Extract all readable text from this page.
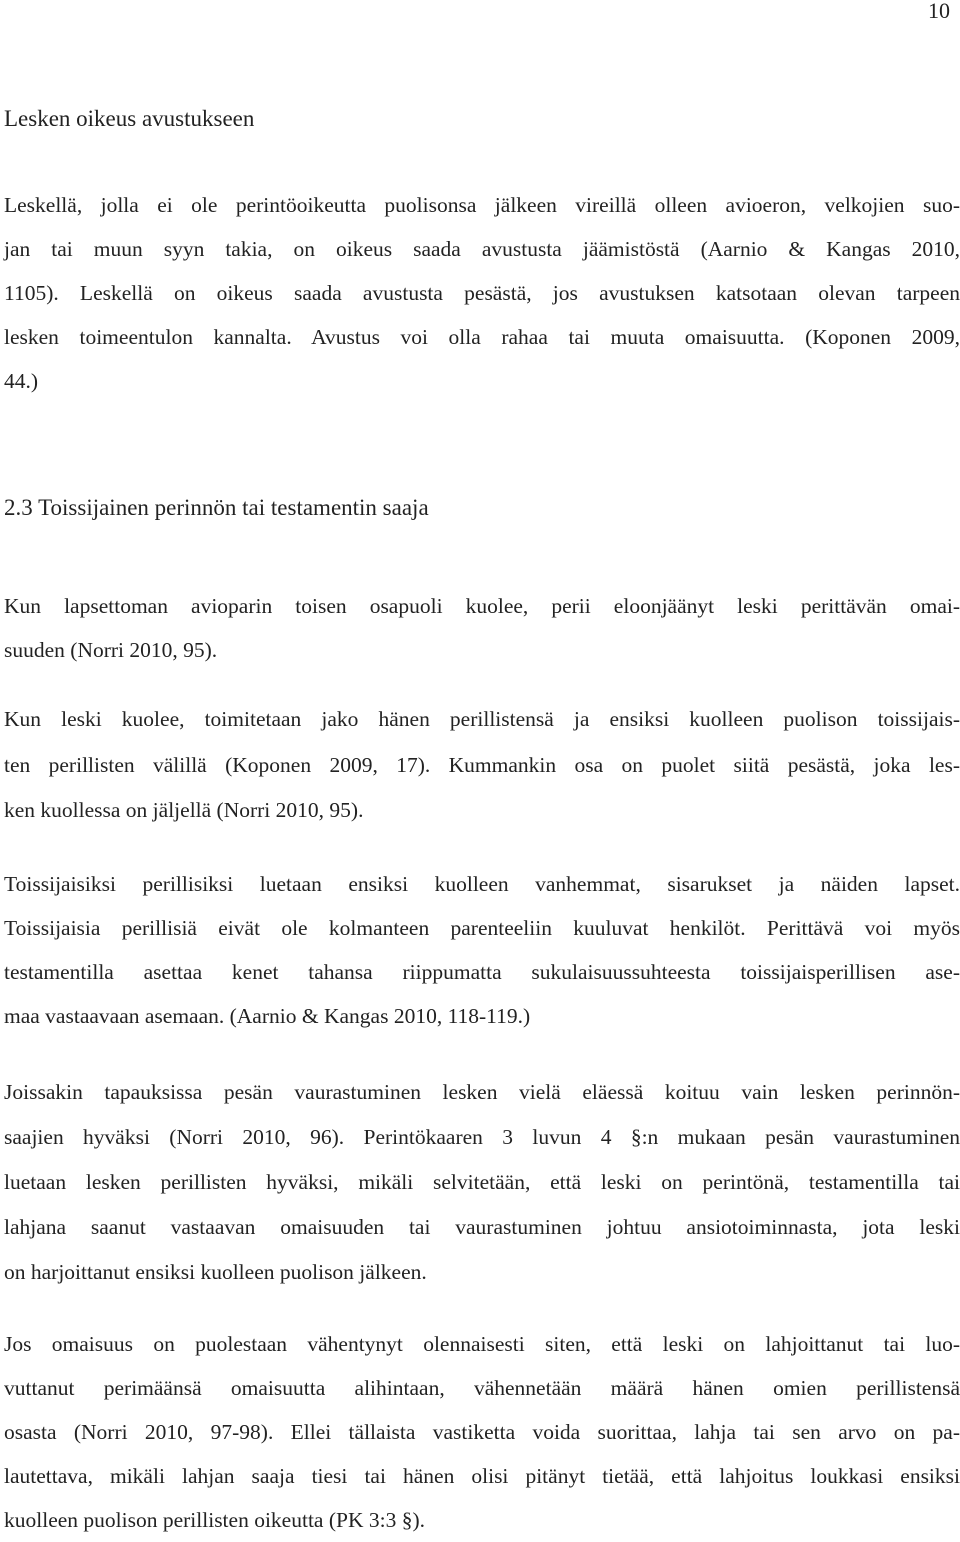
10
Lesken oikeus avustukseen
Leskellä, jolla ei ole perintöoikeutta puolisonsa jälkeen vireillä olleen avioeron, velkojien suo-
jan tai muun syyn takia, on oikeus saada avustusta jäämistöstä (Aarnio & Kangas 2010,
1105). Leskellä on oikeus saada avustusta pesästä, jos avustuksen katsotaan olevan tarpeen
lesken toimeentulon kannalta. Avustus voi olla rahaa tai muuta omaisuutta. (Koponen 2009,
44.)
2.3 Toissijainen perinnön tai testamentin saaja
Kun lapsettoman avioparin toisen osapuoli kuolee, perii eloonjäänyt leski perittävän omai-
suuden (Norri 2010, 95).
Kun leski kuolee, toimitetaan jako hänen perillistensä ja ensiksi kuolleen puolison toissijais-
ten perillisten välillä (Koponen 2009, 17). Kummankin osa on puolet siitä pesästä, joka les-
ken kuollessa on jäljellä (Norri 2010, 95).
Toissijaisiksi perillisiksi luetaan ensiksi kuolleen vanhemmat, sisarukset ja näiden lapset.
Toissijaisia perillisiä eivät ole kolmanteen parenteeliin kuuluvat henkilöt. Perittävä voi myös
testamentilla asettaa kenet tahansa riippumatta sukulaisuussuhteesta toissijaisperillisen ase-
maa vastaavaan asemaan. (Aarnio & Kangas 2010, 118-119.)
Joissakin tapauksissa pesän vaurastuminen lesken vielä eläessä koituu vain lesken perinnön-
saajien hyväksi (Norri 2010, 96). Perintökaaren 3 luvun 4 §:n mukaan pesän vaurastuminen
luetaan lesken perillisten hyväksi, mikäli selvitetään, että leski on perintönä, testamentilla tai
lahjana saanut vastaavan omaisuuden tai vaurastuminen johtuu ansiotoiminnasta, jota leski
on harjoittanut ensiksi kuolleen puolison jälkeen.
Jos omaisuus on puolestaan vähentynyt olennaisesti siten, että leski on lahjoittanut tai luo-
vuttanut perimäänsä omaisuutta alihintaan, vähennetään määrä hänen omien perillistensä
osasta (Norri 2010, 97-98). Ellei tällaista vastiketta voida suorittaa, lahja tai sen arvo on pa-
lautettava, mikäli lahjan saaja tiesi tai hänen olisi pitänyt tietää, että lahjoitus loukkasi ensiksi
kuolleen puolison perillisten oikeutta (PK 3:3 §).
